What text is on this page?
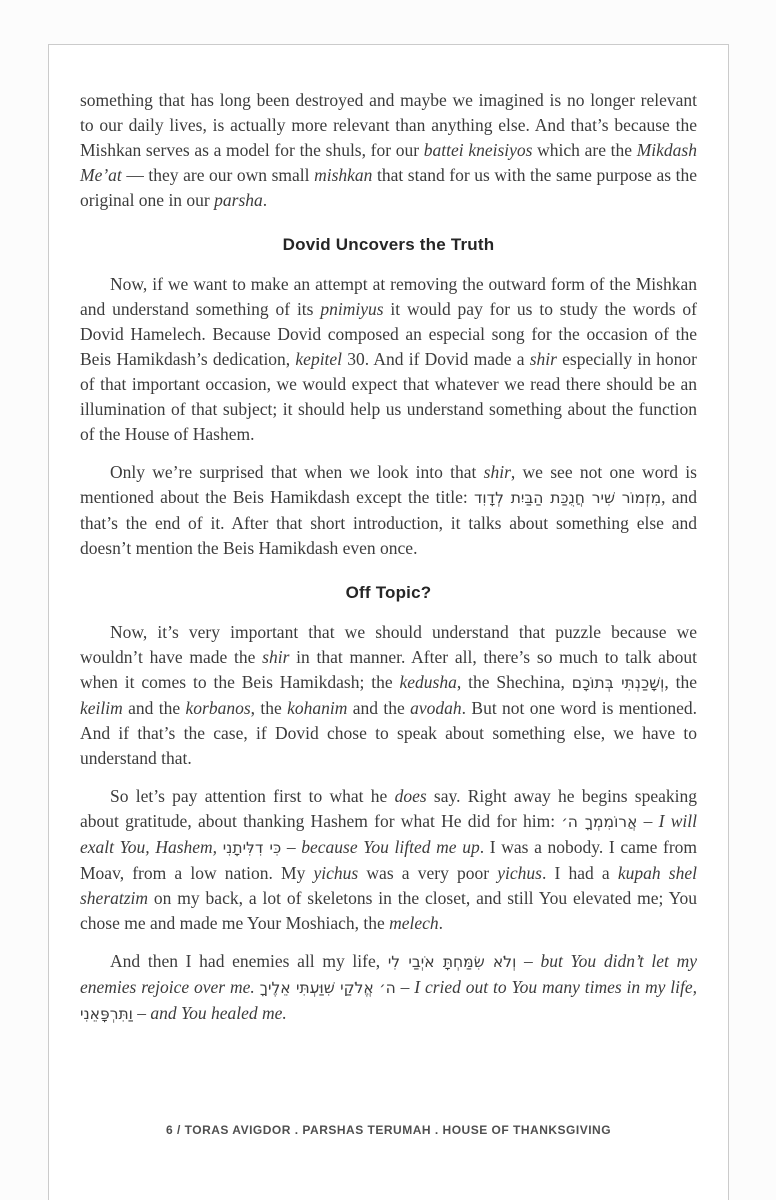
something that has long been destroyed and maybe we imagined is no longer relevant to our daily lives, is actually more relevant than anything else. And that’s because the Mishkan serves as a model for the shuls, for our battei kneisiyos which are the Mikdash Me’at — they are our own small mishkan that stand for us with the same purpose as the original one in our parsha.

Dovid Uncovers the Truth

Now, if we want to make an attempt at removing the outward form of the Mishkan and understand something of its pnimiyus it would pay for us to study the words of Dovid Hamelech. Because Dovid composed an especial song for the occasion of the Beis Hamikdash’s dedication, kepitel 30. And if Dovid made a shir especially in honor of that important occasion, we would expect that whatever we read there should be an illumination of that subject; it should help us understand something about the function of the House of Hashem.

Only we’re surprised that when we look into that shir, we see not one word is mentioned about the Beis Hamikdash except the title: מִזְמוֹר שִׁיר חֲנֻכַּת הַבַּיִת לְדָוִד, and that’s the end of it. After that short introduction, it talks about something else and doesn’t mention the Beis Hamikdash even once.

Off Topic?

Now, it’s very important that we should understand that puzzle because we wouldn’t have made the shir in that manner. After all, there’s so much to talk about when it comes to the Beis Hamikdash; the kedusha, the Shechina, וְשָׁכַנְתִּי בְּתוֹכָם, the keilim and the korbanos, the kohanim and the avodah. But not one word is mentioned. And if that’s the case, if Dovid chose to speak about something else, we have to understand that.

So let’s pay attention first to what he does say. Right away he begins speaking about gratitude, about thanking Hashem for what He did for him: אֲרוֹמִמְךָ ה׳ – I will exalt You, Hashem, כִּי דִלִּיתָנִי – because You lifted me up. I was a nobody. I came from Moav, from a low nation. My yichus was a very poor yichus. I had a kupah shel sheratzim on my back, a lot of skeletons in the closet, and still You elevated me; You chose me and made me Your Moshiach, the melech.

And then I had enemies all my life, וְלֹא שִׂמַּחְתָּ אֹיְבַי לִי – but You didn’t let my enemies rejoice over me. ה׳ אֱלֹקַי שִׁוַּעְתִּי אֵלֶיךָ – I cried out to You many times in my life, וַתִּרְפָּאֵנִי – and You healed me.

6 / TORAS AVIGDOR . PARSHAS TERUMAH . HOUSE OF THANKSGIVING
